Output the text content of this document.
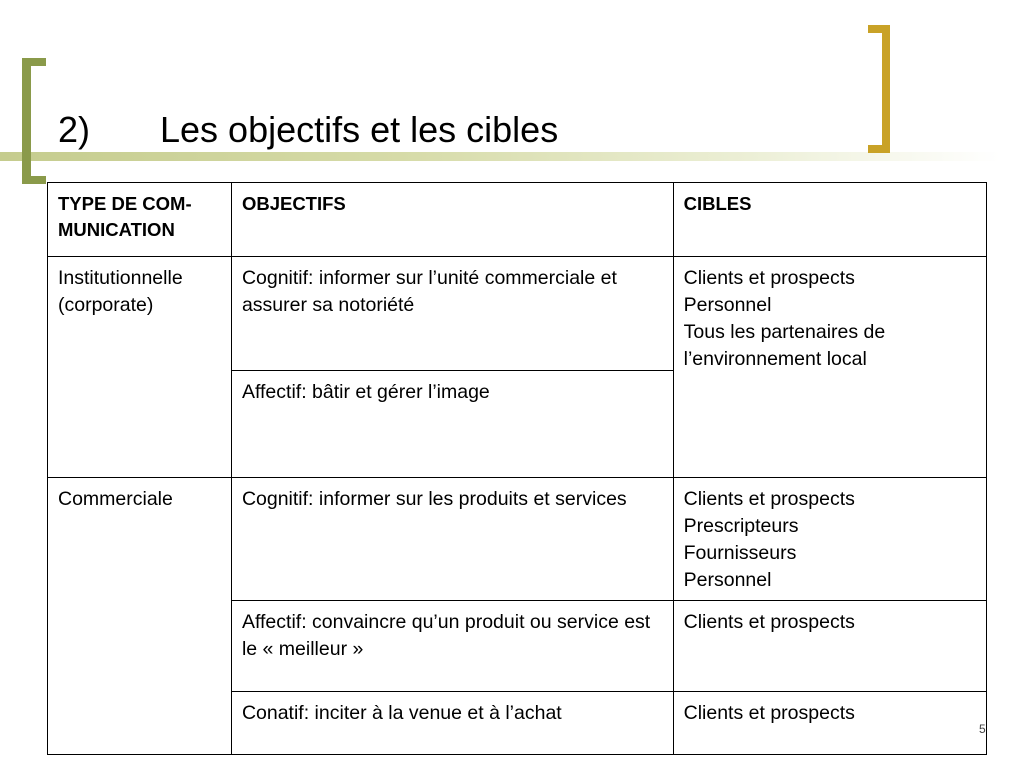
2) Les objectifs et les cibles
TYPE DE COM-
MUNICATION	OBJECTIFS	CIBLES
Institutionnelle (corporate)	Cognitif: informer sur l’unité commerciale et assurer sa notoriété	Clients et prospects
Personnel
Tous les partenaires de l’environnement local

	Affectif: bâtir et gérer l’image	
Commerciale	Cognitif: informer sur les produits et services	Clients et prospects
Prescripteurs
Fournisseurs
Personnel

	Affectif: convaincre qu’un produit ou service est le « meilleur »	Clients et prospects
	Conatif: inciter à la venue et à l’achat	Clients et prospects
5
